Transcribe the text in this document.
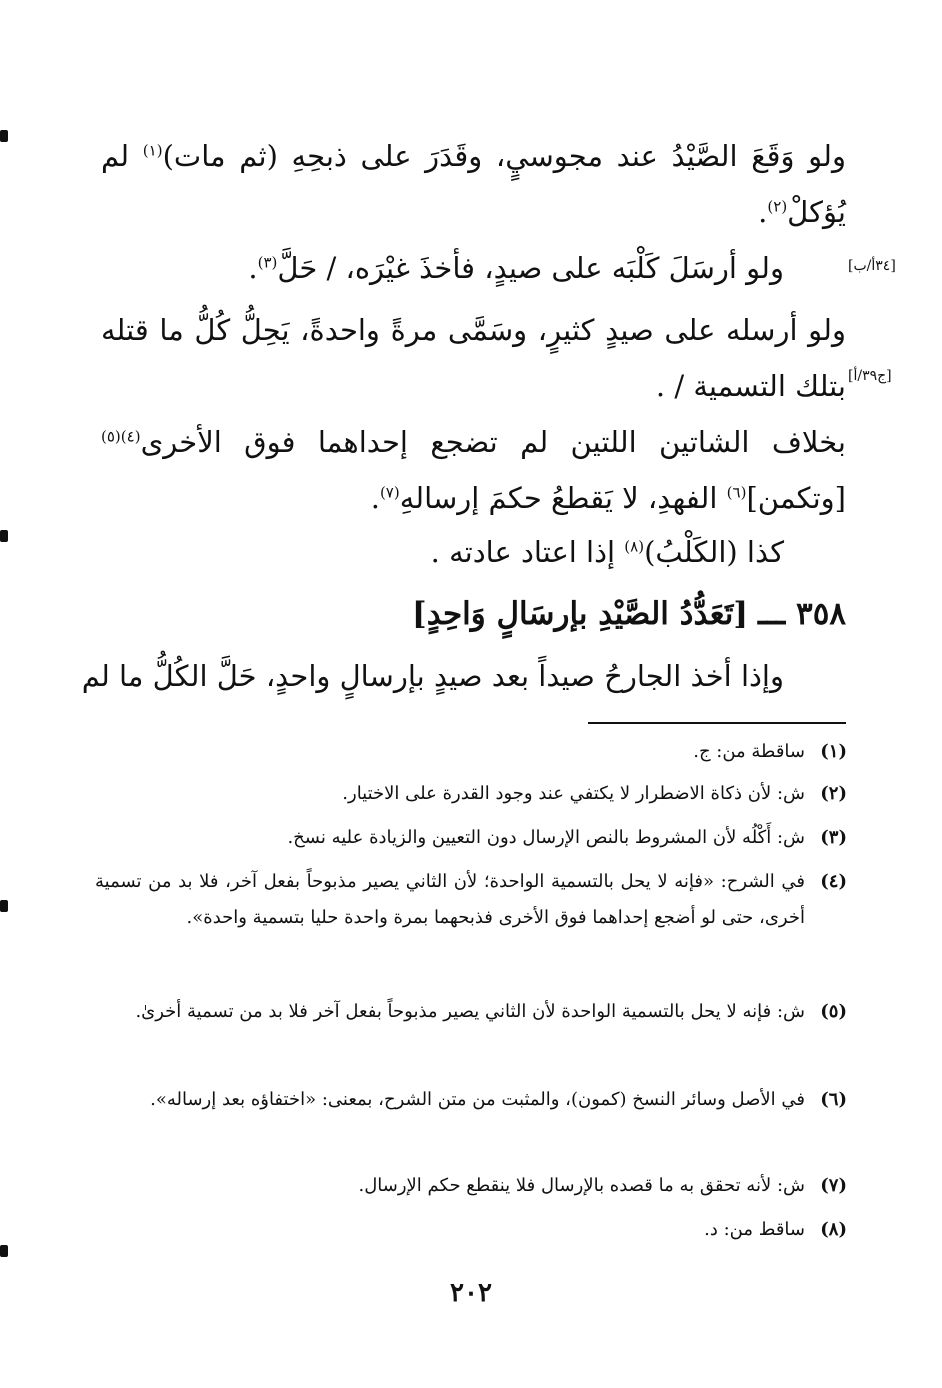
[٣٤أ/ب]
[ج٣٩/أ]

ولو وَقَعَ الصَّيْدُ عند مجوسيٍ، وقَدَرَ على ذبحِهِ (ثم مات)$^{(١)}$ لم يُؤكلْ$^{(٢)}$.

ولو أرسَلَ كَلْبَه على صيدٍ، فأخذَ غيْرَه، / حَلَّ$^{(٣)}$.

ولو أرسله على صيدٍ كثيرٍ، وسَمَّى مرةً واحدةً، يَحِلُّ كُلُّ ما قتله بتلك التسمية / .

بخلاف الشاتين اللتين لم تضجع إحداهما فوق الأخرى$^{(٤)(٥)}$ [وتكمن]$^{(٦)}$ الفهدِ، لا يَقطعُ حكمَ إرسالهِ$^{(٧)}$.

كذا (الكَلْبُ)$^{(٨)}$ إذا اعتاد عادته .

٣٥٨ ـــ[تَعَدُّدُ الصَّيْدِ بإرسَالٍ وَاحِدٍ]

وإذا أخذ الجارحُ صيداً بعد صيدٍ بإرسالٍ واحدٍ، حَلَّ الكُلُّ ما لم

(١)
ساقطة من: ج.
(٢)
ش: لأن ذكاة الاضطرار لا يكتفي عند وجود القدرة على الاختيار.
(٣)
ش: أَكْلُه لأن المشروط بالنص الإرسال دون التعيين والزيادة عليه نسخ.
(٤)
في الشرح: «فإنه لا يحل بالتسمية الواحدة؛ لأن الثاني يصير مذبوحاً بفعل آخر، فلا بد من تسمية أخرى، حتى لو أضجع إحداهما فوق الأخرى فذبحهما بمرة واحدة حليا بتسمية واحدة».
(٥)
ش: فإنه لا يحل بالتسمية الواحدة لأن الثاني يصير مذبوحاً بفعل آخر فلا بد من تسمية أخرىٰ.
(٦)
في الأصل وسائر النسخ (كمون)، والمثبت من متن الشرح، بمعنى: «اختفاؤه بعد إرساله».
(٧)
ش: لأنه تحقق به ما قصده بالإرسال فلا ينقطع حكم الإرسال.
(٨)
ساقط من: د.
٢٠٢
